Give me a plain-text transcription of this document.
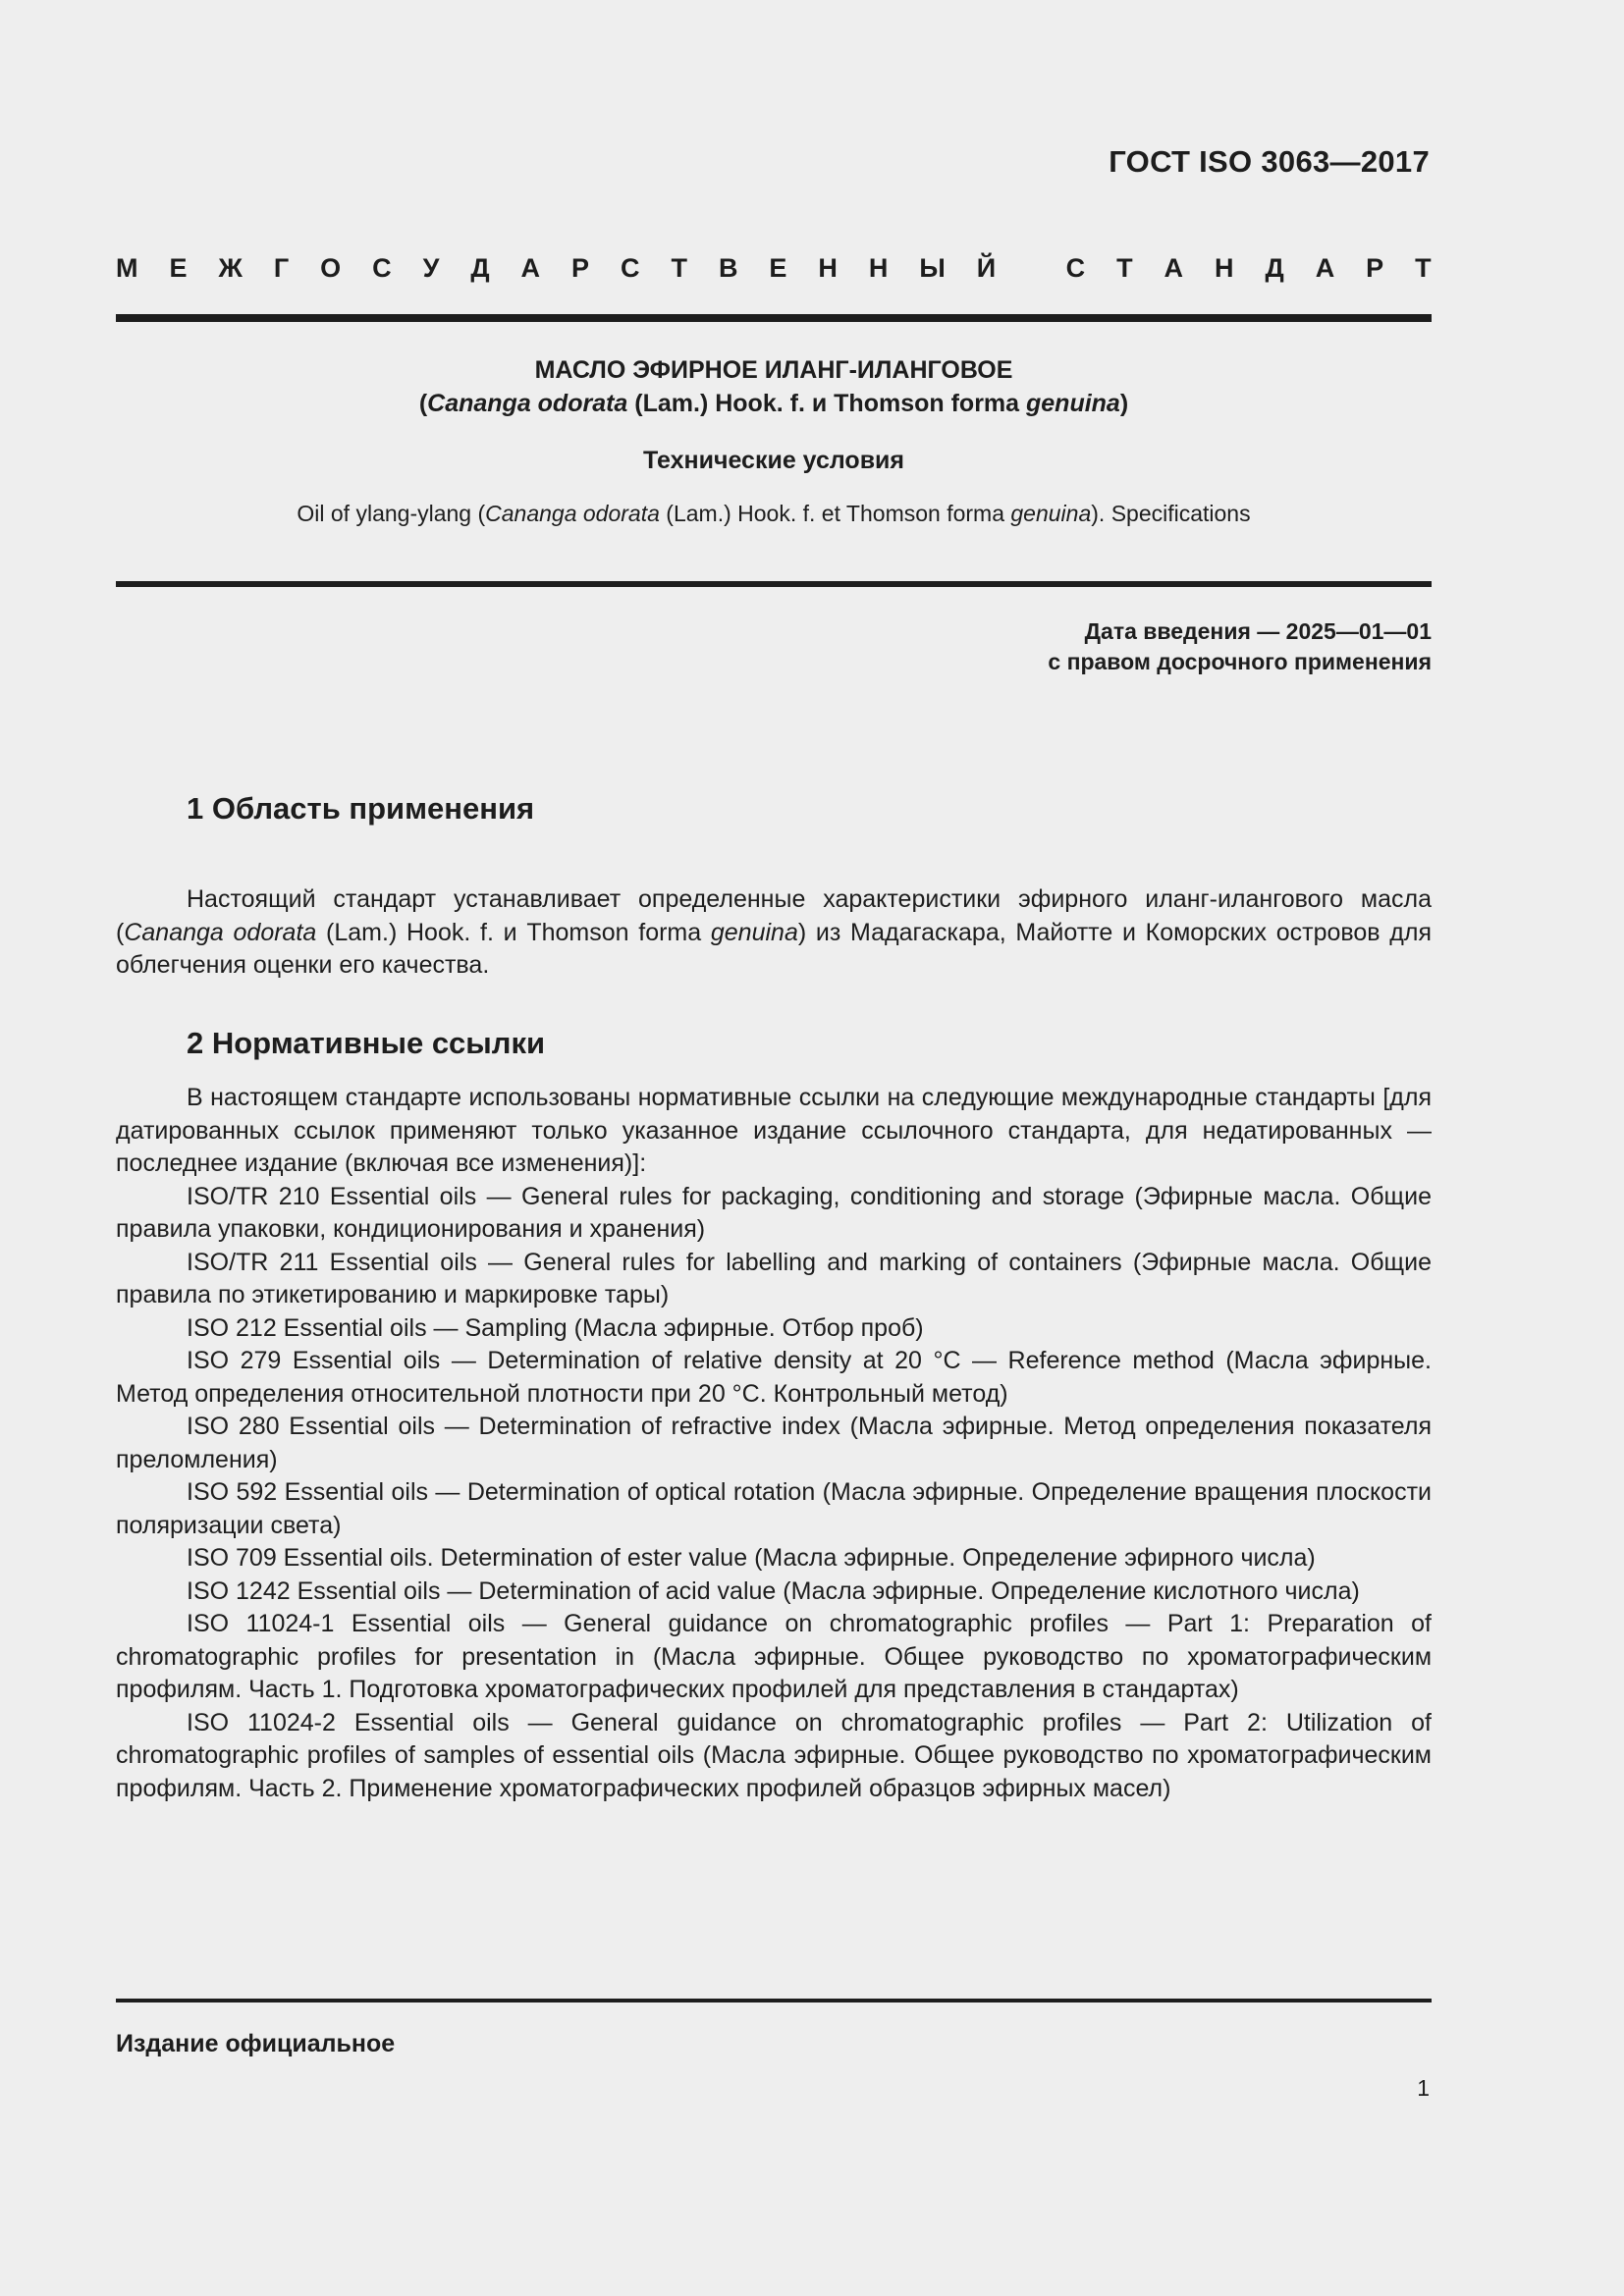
ГОСТ ISO 3063—2017
М Е Ж Г О С У Д А Р С Т В Е Н Н Ы Й
	С Т А Н Д А Р Т
МАСЛО ЭФИРНОЕ ИЛАНГ-ИЛАНГОВОЕ
(Cananga odorata (Lam.) Hook. f. и Thomson forma genuina)
Технические условия
Oil of ylang-ylang (Cananga odorata (Lam.) Hook. f. et Thomson forma genuina). Specifications
Дата введения — 2025—01—01
с правом досрочного применения
1 Область применения

Настоящий стандарт устанавливает определенные характеристики эфирного иланг-илангового масла (Cananga odorata (Lam.) Hook. f. и Thomson forma genuina) из Мадагаскара, Майотте и Коморских островов для облегчения оценки его качества.

2 Нормативные ссылки

В настоящем стандарте использованы нормативные ссылки на следующие международные стандарты [для датированных ссылок применяют только указанное издание ссылочного стандарта, для недатированных — последнее издание (включая все изменения)]:

ISO/TR 210 Essential oils — General rules for packaging, conditioning and storage (Эфирные масла. Общие правила упаковки, кондиционирования и хранения)

ISO/TR 211 Essential oils — General rules for labelling and marking of containers (Эфирные масла. Общие правила по этикетированию и маркировке тары)

ISO 212 Essential oils — Sampling (Масла эфирные. Отбор проб)

ISO 279 Essential oils — Determination of relative density at 20 °C — Reference method (Масла эфирные. Метод определения относительной плотности при 20 °C. Контрольный метод)

ISO 280 Essential oils — Determination of refractive index (Масла эфирные. Метод определения показателя преломления)

ISO 592 Essential oils — Determination of optical rotation (Масла эфирные. Определение вращения плоскости поляризации света)

ISO 709 Essential oils. Determination of ester value (Масла эфирные. Определение эфирного числа)

ISO 1242 Essential oils — Determination of acid value (Масла эфирные. Определение кислотного числа)

ISO 11024-1 Essential oils — General guidance on chromatographic profiles — Part 1: Preparation of chromatographic profiles for presentation in (Масла эфирные. Общее руководство по хроматографическим профилям. Часть 1. Подготовка хроматографических профилей для представления в стандартах)

ISO 11024-2 Essential oils — General guidance on chromatographic profiles — Part 2: Utilization of chromatographic profiles of samples of essential oils (Масла эфирные. Общее руководство по хроматографическим профилям. Часть 2. Применение хроматографических профилей образцов эфирных масел)

Издание официальное
1
